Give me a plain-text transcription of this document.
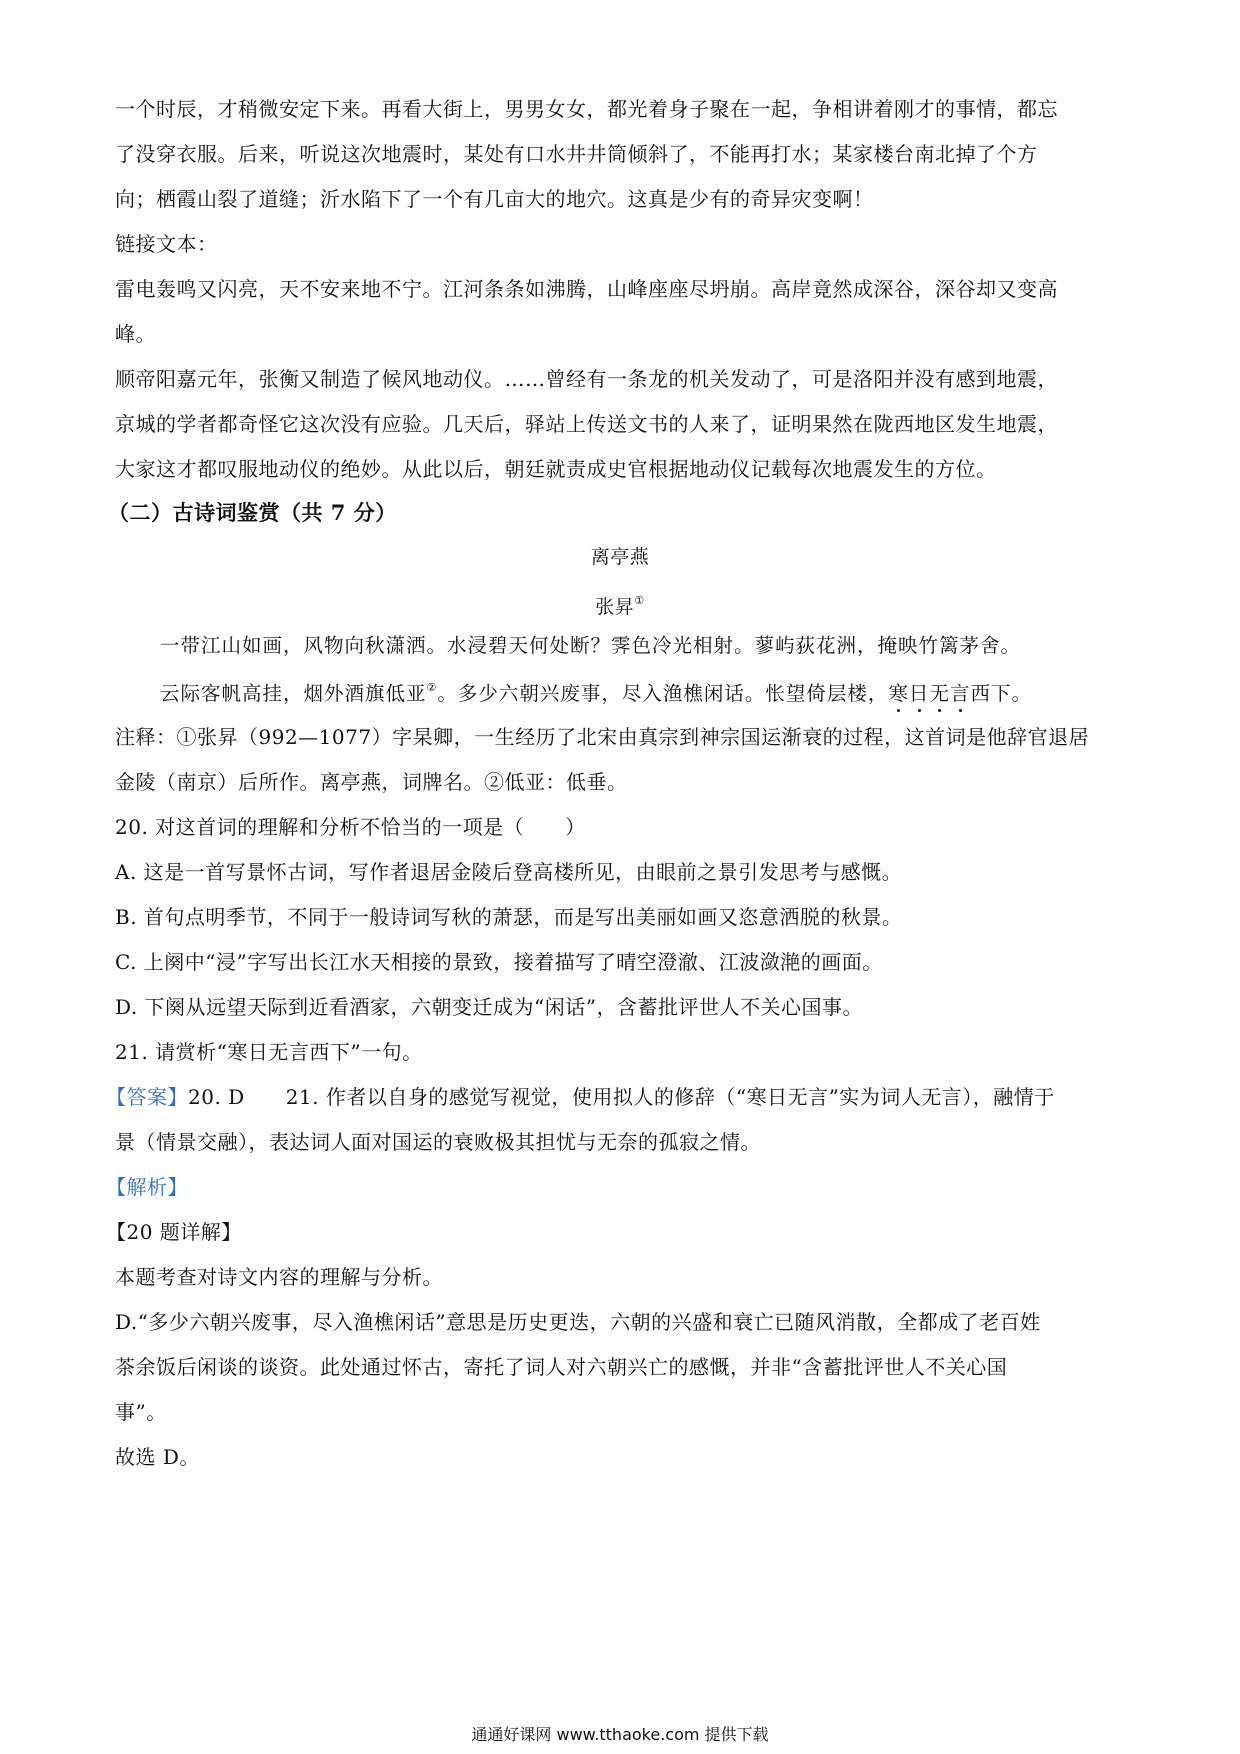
一个时辰，才稍微安定下来。再看大街上，男男女女，都光着身子聚在一起，争相讲着刚才的事情，都忘
了没穿衣服。后来，听说这次地震时，某处有口水井井筒倾斜了，不能再打水；某家楼台南北掉了个方
向；栖霞山裂了道缝；沂水陷下了一个有几亩大的地穴。这真是少有的奇异灾变啊！
链接文本：
雷电轰鸣又闪亮，天不安来地不宁。江河条条如沸腾，山峰座座尽坍崩。高岸竟然成深谷，深谷却又变高
峰。
顺帝阳嘉元年，张衡又制造了候风地动仪。……曾经有一条龙的机关发动了，可是洛阳并没有感到地震，
京城的学者都奇怪它这次没有应验。几天后，驿站上传送文书的人来了，证明果然在陇西地区发生地震，
大家这才都叹服地动仪的绝妙。从此以后，朝廷就责成史官根据地动仪记载每次地震发生的方位。
（二）古诗词鉴赏（共 7 分）
离亭燕
张昇①
一带江山如画，风物向秋潇洒。水浸碧天何处断？霁色冷光相射。蓼屿荻花洲，掩映竹篱茅舍。
云际客帆高挂，烟外酒旗低亚②。多少六朝兴废事，尽入渔樵闲话。怅望倚层楼，寒日无言西下。
注释：①张昇（992—1077）字杲卿，一生经历了北宋由真宗到神宗国运渐衰的过程，这首词是他辞官退居
金陵（南京）后所作。离亭燕，词牌名。②低亚：低垂。
20. 对这首词的理解和分析不恰当的一项是（　　）
A. 这是一首写景怀古词，写作者退居金陵后登高楼所见，由眼前之景引发思考与感慨。
B. 首句点明季节，不同于一般诗词写秋的萧瑟，而是写出美丽如画又恣意洒脱的秋景。
C. 上阕中“浸”字写出长江水天相接的景致，接着描写了晴空澄澈、江波潋滟的画面。
D. 下阕从远望天际到近看酒家，六朝变迁成为“闲话”，含蓄批评世人不关心国事。
21. 请赏析“寒日无言西下”一句。
【答案】20. D　　21. 作者以自身的感觉写视觉，使用拟人的修辞（“寒日无言”实为词人无言），融情于
景（情景交融），表达词人面对国运的衰败极其担忧与无奈的孤寂之情。
【解析】
【20 题详解】
本题考查对诗文内容的理解与分析。
D.“多少六朝兴废事，尽入渔樵闲话”意思是历史更迭，六朝的兴盛和衰亡已随风消散，全都成了老百姓
茶余饭后闲谈的谈资。此处通过怀古，寄托了词人对六朝兴亡的感慨，并非“含蓄批评世人不关心国
事”。
故选 D。
通通好课网 www.tthaoke.com 提供下载
